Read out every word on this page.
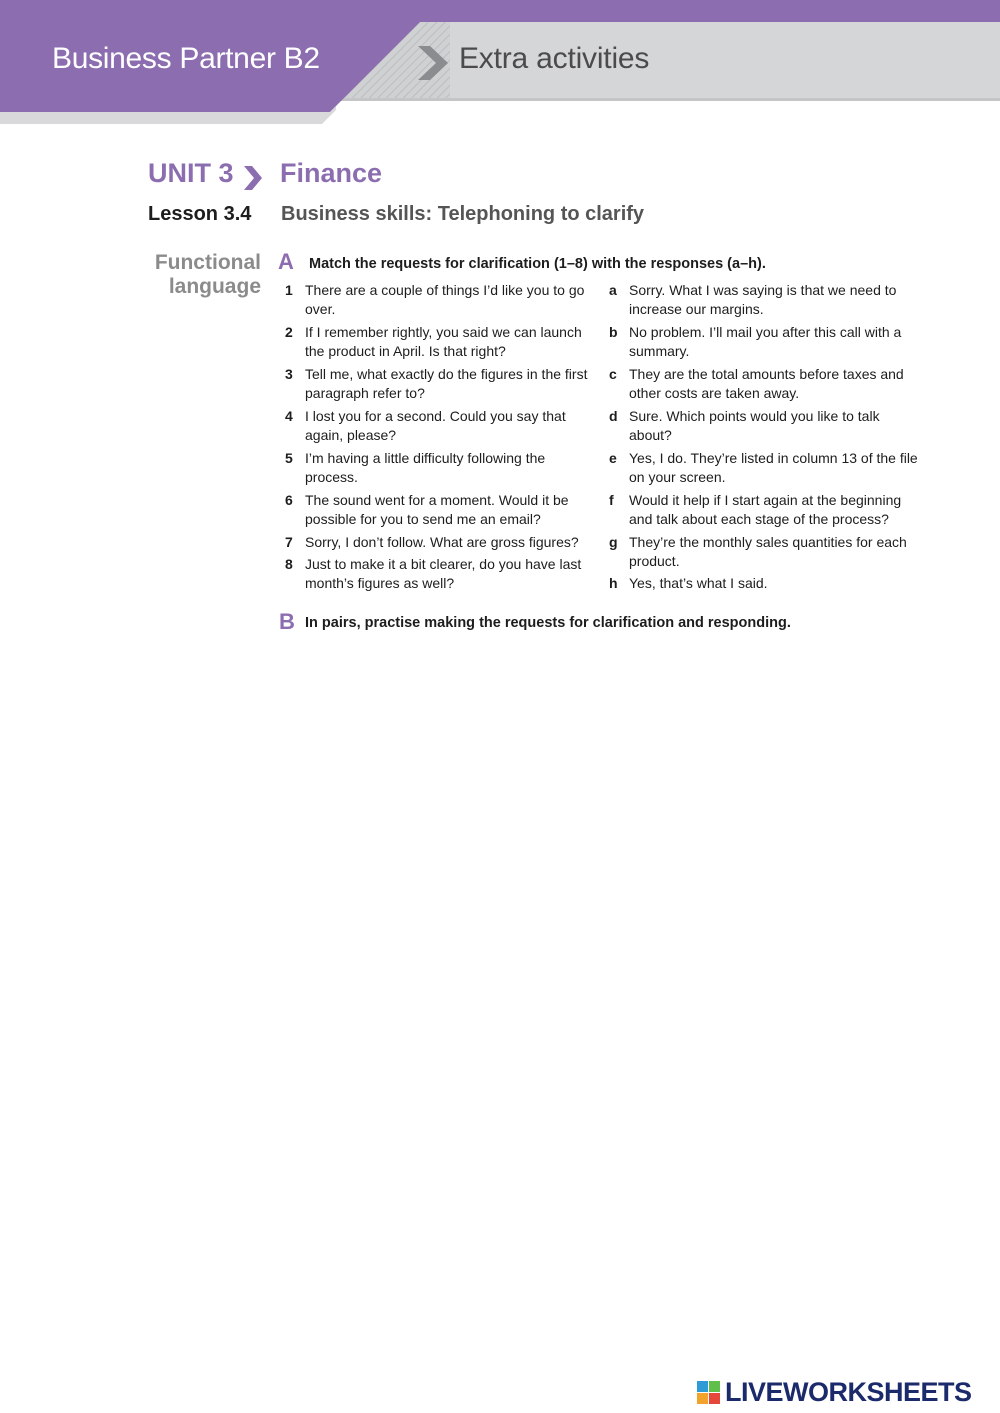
Business Partner B2	Extra activities
UNIT 3 Finance
Lesson 3.4 Business skills: Telephoning to clarify
Functional
language
A Match the requests for clarification (1–8) with the responses (a–h).
1 There are a couple of things I’d like you to go over.
2 If I remember rightly, you said we can launch the product in April. Is that right?
3 Tell me, what exactly do the figures in the first paragraph refer to?
4 I lost you for a second. Could you say that again, please?
5 I’m having a little difficulty following the process.
6 The sound went for a moment. Would it be possible for you to send me an email?
7 Sorry, I don’t follow. What are gross figures?
8 Just to make it a bit clearer, do you have last month’s figures as well?
a Sorry. What I was saying is that we need to increase our margins.
b No problem. I’ll mail you after this call with a summary.
c They are the total amounts before taxes and other costs are taken away.
d Sure. Which points would you like to talk about?
e Yes, I do. They’re listed in column 13 of the file on your screen.
f	Would it help if I start again at the beginning and talk about each stage of the process?
g They’re the monthly sales quantities for each product.
h Yes, that’s what I said.
B In pairs, practise making the requests for clarification and responding.
LIVEWORKSHEETS
